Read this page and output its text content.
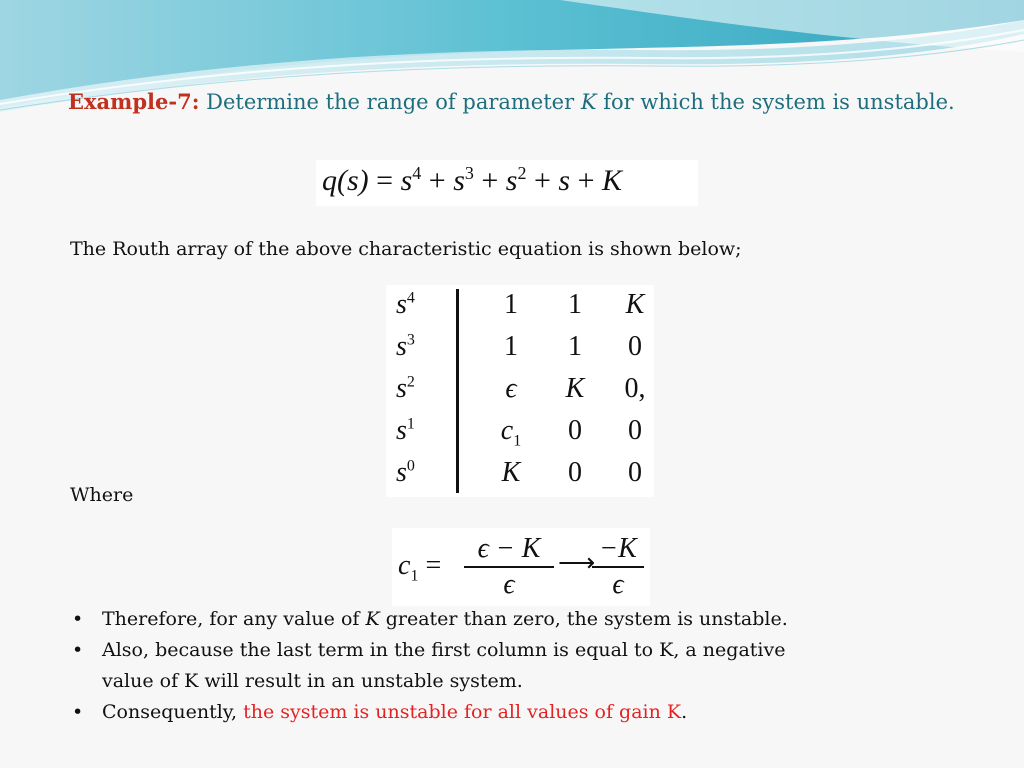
Example-7: Determine the range of parameter K for which the system is unstable.
$q(s) = s^4 + s^3 + s^2 + s + K$
The Routh array of the above characteristic equation is shown below;
$s^4$	1	1	K
$s^3$	1	1	0
$s^2$	ϵ	K	0,
$s^1$	$c_1$	0	0
$s^0$	K	0	0
Where
$c_1 = \frac{\epsilon - K}{\epsilon}$ ⟶
$\frac{-K}{\epsilon}$
• Therefore, for any value of K greater than zero, the system is unstable.
• Also, because the last term in the first column is equal to K, a negative
value of K will result in an unstable system.
• Consequently, the system is unstable for all values of gain K.
